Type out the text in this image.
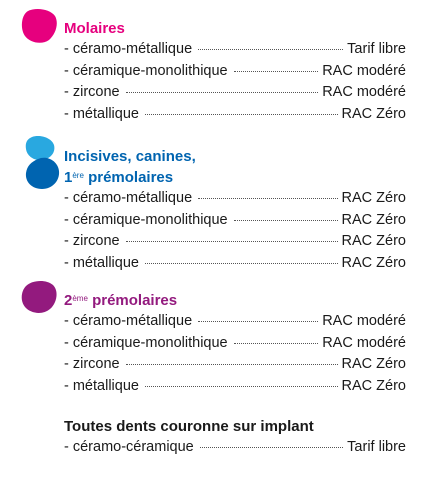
Molaires
- céramo-métallique	Tarif libre
- céramique-monolithique	RAC modéré
- zircone	RAC modéré
- métallique	RAC Zéro
Incisives, canines,
1ère prémolaires
- céramo-métallique	RAC Zéro
- céramique-monolithique	RAC Zéro
- zircone	RAC Zéro
- métallique	RAC Zéro
2ème prémolaires
- céramo-métallique	RAC modéré
- céramique-monolithique	RAC modéré
- zircone	RAC Zéro
- métallique	RAC Zéro
Toutes dents couronne sur implant
- céramo-céramique	Tarif libre
